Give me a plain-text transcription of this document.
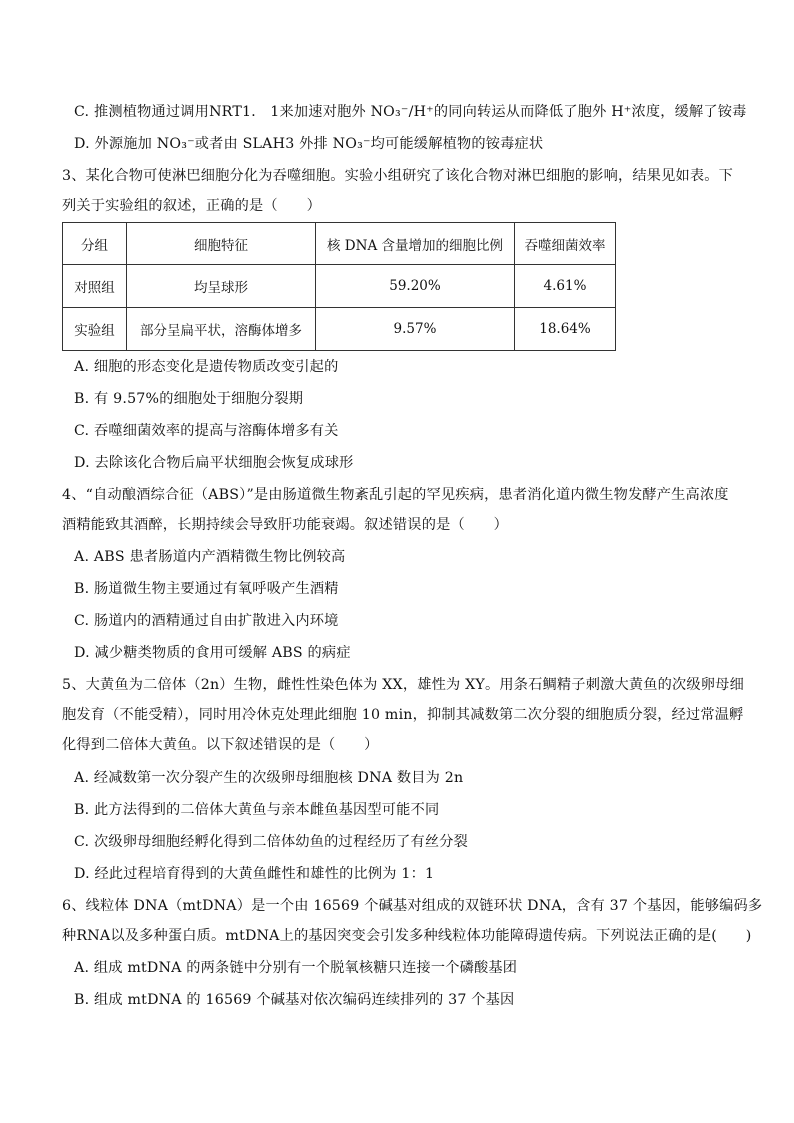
C. 推测植物通过调用NRT1． 1来加速对胞外 NO₃⁻/H⁺的同向转运从而降低了胞外 H⁺浓度，缓解了铵毒
D. 外源施加 NO₃⁻或者由 SLAH3 外排 NO₃⁻均可能缓解植物的铵毒症状
3、某化合物可使淋巴细胞分化为吞噬细胞。实验小组研究了该化合物对淋巴细胞的影响，结果见如表。下
列关于实验组的叙述，正确的是（　　）
分组	细胞特征	核 DNA 含量增加的细胞比例	吞噬细菌效率
对照组	均呈球形	59.20%	4.61%
实验组	部分呈扁平状，溶酶体增多	9.57%	18.64%
A. 细胞的形态变化是遗传物质改变引起的
B. 有 9.57%的细胞处于细胞分裂期
C. 吞噬细菌效率的提高与溶酶体增多有关
D. 去除该化合物后扁平状细胞会恢复成球形
4、“自动酿酒综合征（ABS）”是由肠道微生物紊乱引起的罕见疾病，患者消化道内微生物发酵产生高浓度
酒精能致其酒醉，长期持续会导致肝功能衰竭。叙述错误的是（　　）
A. ABS 患者肠道内产酒精微生物比例较高
B. 肠道微生物主要通过有氧呼吸产生酒精
C. 肠道内的酒精通过自由扩散进入内环境
D. 减少糖类物质的食用可缓解 ABS 的病症
5、大黄鱼为二倍体（2n）生物，雌性性染色体为 XX，雄性为 XY。用条石鲷精子刺激大黄鱼的次级卵母细
胞发育（不能受精），同时用冷休克处理此细胞 10 min，抑制其减数第二次分裂的细胞质分裂，经过常温孵
化得到二倍体大黄鱼。以下叙述错误的是（　　）
A. 经减数第一次分裂产生的次级卵母细胞核 DNA 数目为 2n
B. 此方法得到的二倍体大黄鱼与亲本雌鱼基因型可能不同
C. 次级卵母细胞经孵化得到二倍体幼鱼的过程经历了有丝分裂
D. 经此过程培育得到的大黄鱼雌性和雄性的比例为 1：1
6、线粒体 DNA（mtDNA）是一个由 16569 个碱基对组成的双链环状 DNA，含有 37 个基因，能够编码多
种RNA以及多种蛋白质。mtDNA上的基因突变会引发多种线粒体功能障碍遗传病。下列说法正确的是(　　)
A. 组成 mtDNA 的两条链中分别有一个脱氧核糖只连接一个磷酸基团
B. 组成 mtDNA 的 16569 个碱基对依次编码连续排列的 37 个基因
